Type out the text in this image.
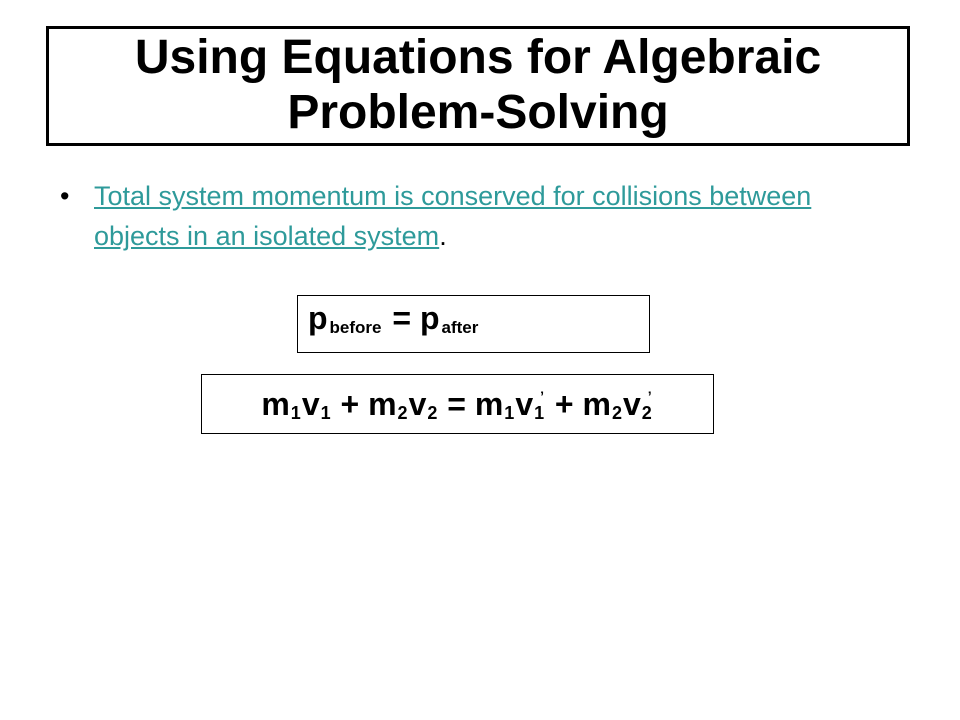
Using Equations for Algebraic
Problem-Solving
• Total system momentum is conserved for collisions between objects in an isolated system.
pbefore = p after
$m_1v_1 + m_2v_2 = m_1v_1^’ + m_2v_2^’$
